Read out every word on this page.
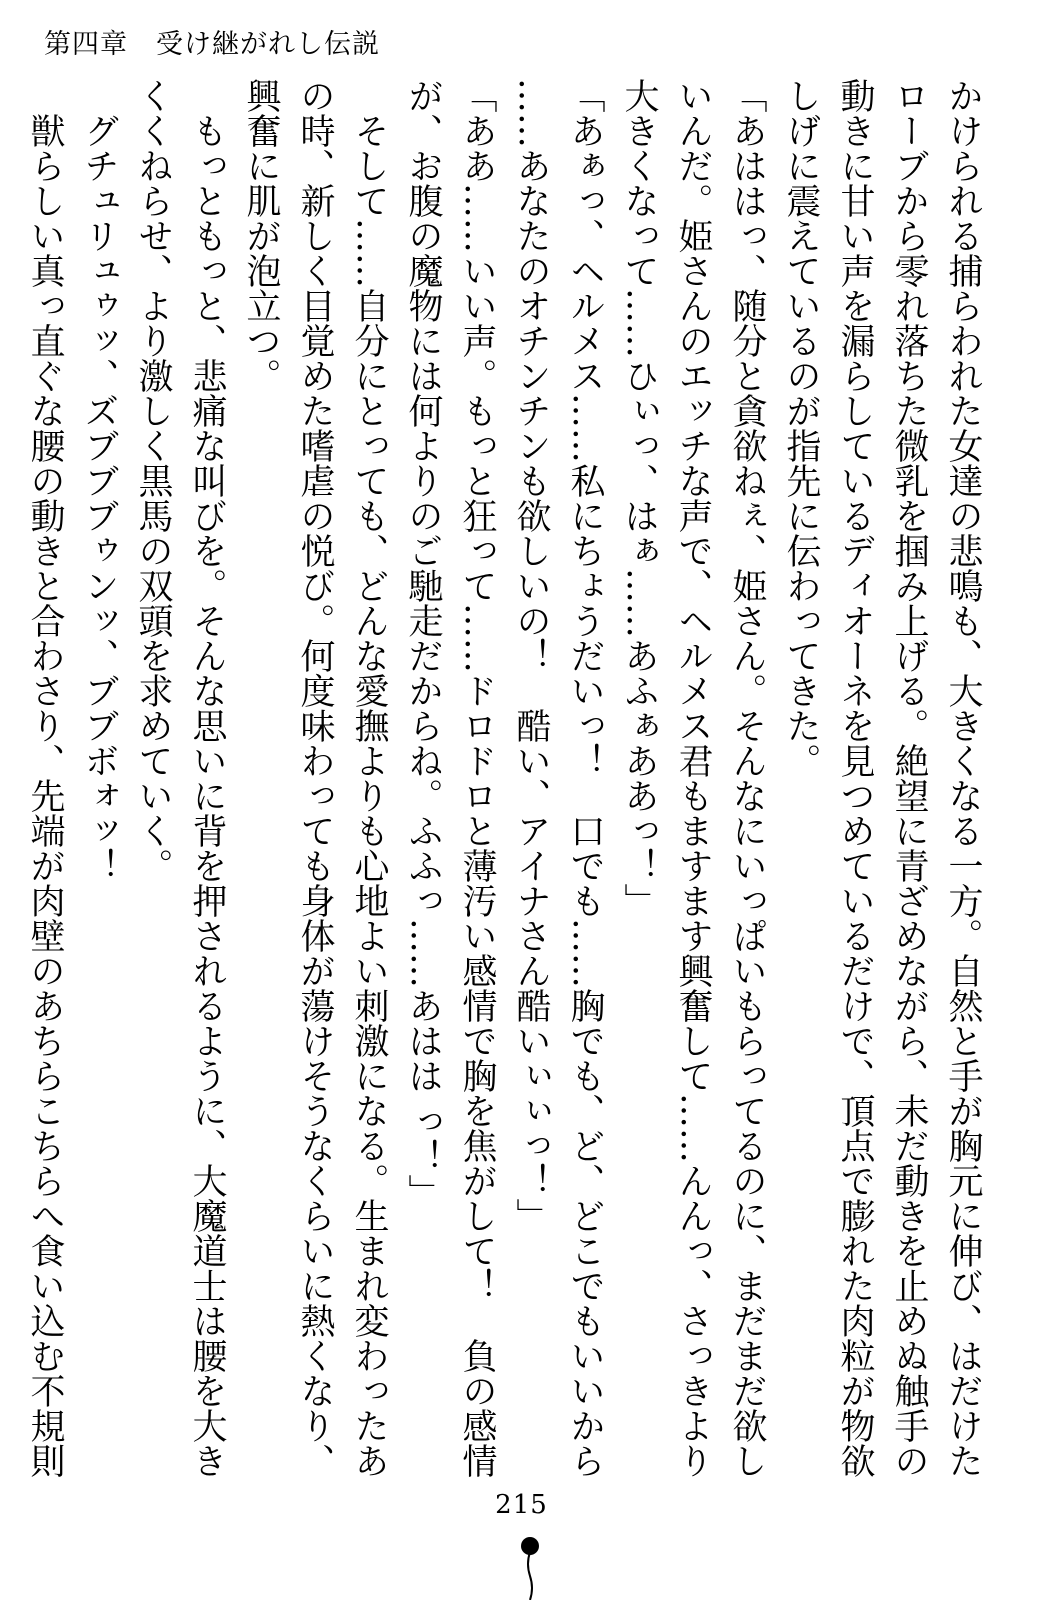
第四章　受け継がれし伝説

かけられる捕らわれた女達の悲鳴も、大きくなる一方。自然と手が胸元に伸び、はだけた

ローブから零れ落ちた微乳を掴み上げる。絶望に青ざめながら、未だ動きを止めぬ触手の

動きに甘い声を漏らしているディオーネを見つめているだけで、頂点で膨れた肉粒が物欲

しげに震えているのが指先に伝わってきた。

「あははっ、随分と貪欲ねぇ、姫さん。そんなにいっぱいもらってるのに、まだまだ欲し

いんだ。姫さんのエッチな声で、ヘルメス君もますます興奮して……んんっ、さっきより

大きくなって……ひぃっ、はぁ……あふぁああっ！」

「あぁっ、ヘルメス……私にちょうだいっ！　口でも……胸でも、ど、どこでもいいから

……あなたのオチンチンも欲しいの！　酷い、アイナさん酷いぃぃっ！」

「ああ……いい声。もっと狂って……ドロドロと薄汚い感情で胸を焦がして！　負の感情

が、お腹の魔物には何よりのご馳走だからね。ふふっ……あはは っ！」

　そして……自分にとっても、どんな愛撫よりも心地よい刺激になる。生まれ変わったあ

の時、新しく目覚めた嗜虐の悦び。何度味わっても身体が蕩けそうなくらいに熱くなり、

興奮に肌が泡立つ。

　もっともっと、悲痛な叫びを。そんな思いに背を押されるように、大魔道士は腰を大き

くくねらせ、より激しく黒馬の双頭を求めていく。

　グチュリュゥッ、ズブブブゥンッ、ブブボォッ！

　獣らしい真っ直ぐな腰の動きと合わさり、先端が肉壁のあちらこちらへ食い込む不規則

215
